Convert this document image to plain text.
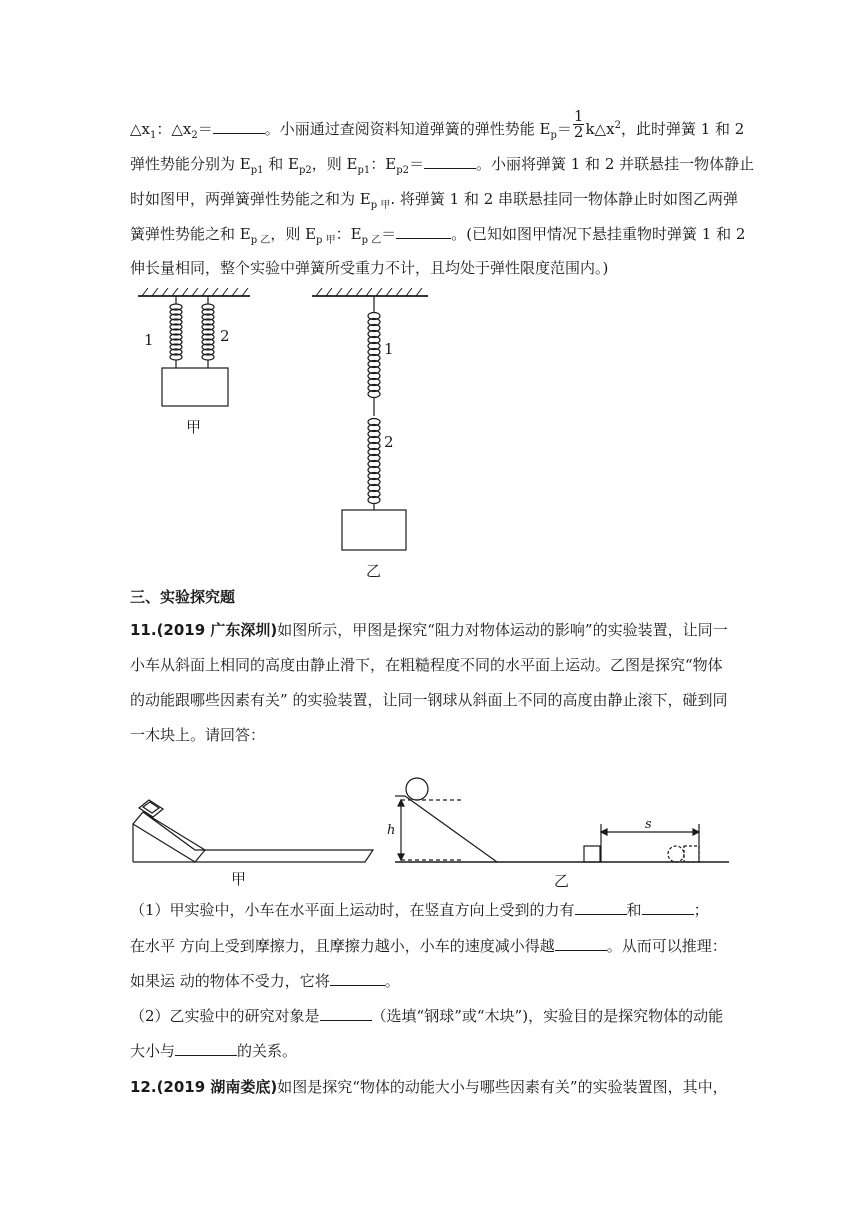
$\triangle x_1$：$\triangle x_2=$	。小丽通过查阅资料知道弹簧的弹性势能 $E_p= \frac{1}{2}$ $k\triangle x^2$，此时弹簧 1 和 2
弹性势能分别为 $E_{p1}$ 和 $E_{p2}$，则 $E_{p1}$：$E_{p2}=$	。小丽将弹簧 1 和 2 并联悬挂一物体静止
时如图甲，两弹簧弹性势能之和为 $E_{p 甲}$. 将弹簧 1 和 2 串联悬挂同一物体静止时如图乙两弹
簧弹性势能之和 $E_{p 乙}$，则 $E_{p 甲}$：$E_{p 乙}=$	。(已知如图甲情况下悬挂重物时弹簧 1 和 2
伸长量相同，整个实验中弹簧所受重力不计，且均处于弹性限度范围内。)
1	2
甲
1
2
乙
三、实验探究题
11.(2019 广东深圳)如图所示，甲图是探究“阻力对物体运动的影响”的实验装置，让同一
小车从斜面上相同的高度由静止滑下，在粗糙程度不同的水平面上运动。乙图是探究“物体
的动能跟哪些因素有关” 的实验装置，让同一钢球从斜面上不同的高度由静止滚下，碰到同
一木块上。请回答：
h	s
甲	乙
（1）甲实验中，小车在水平面上运动时，在竖直方向上受到的力有	和	；
在水平 方向上受到摩擦力，且摩擦力越小，小车的速度减小得越	。从而可以推理：
如果运 动的物体不受力，它将	。
（2）乙实验中的研究对象是	（选填“钢球”或“木块”)，实验目的是探究物体的动能
大小与	的关系。
12.(2019 湖南娄底)如图是探究“物体的动能大小与哪些因素有关”的实验装置图，其中，
